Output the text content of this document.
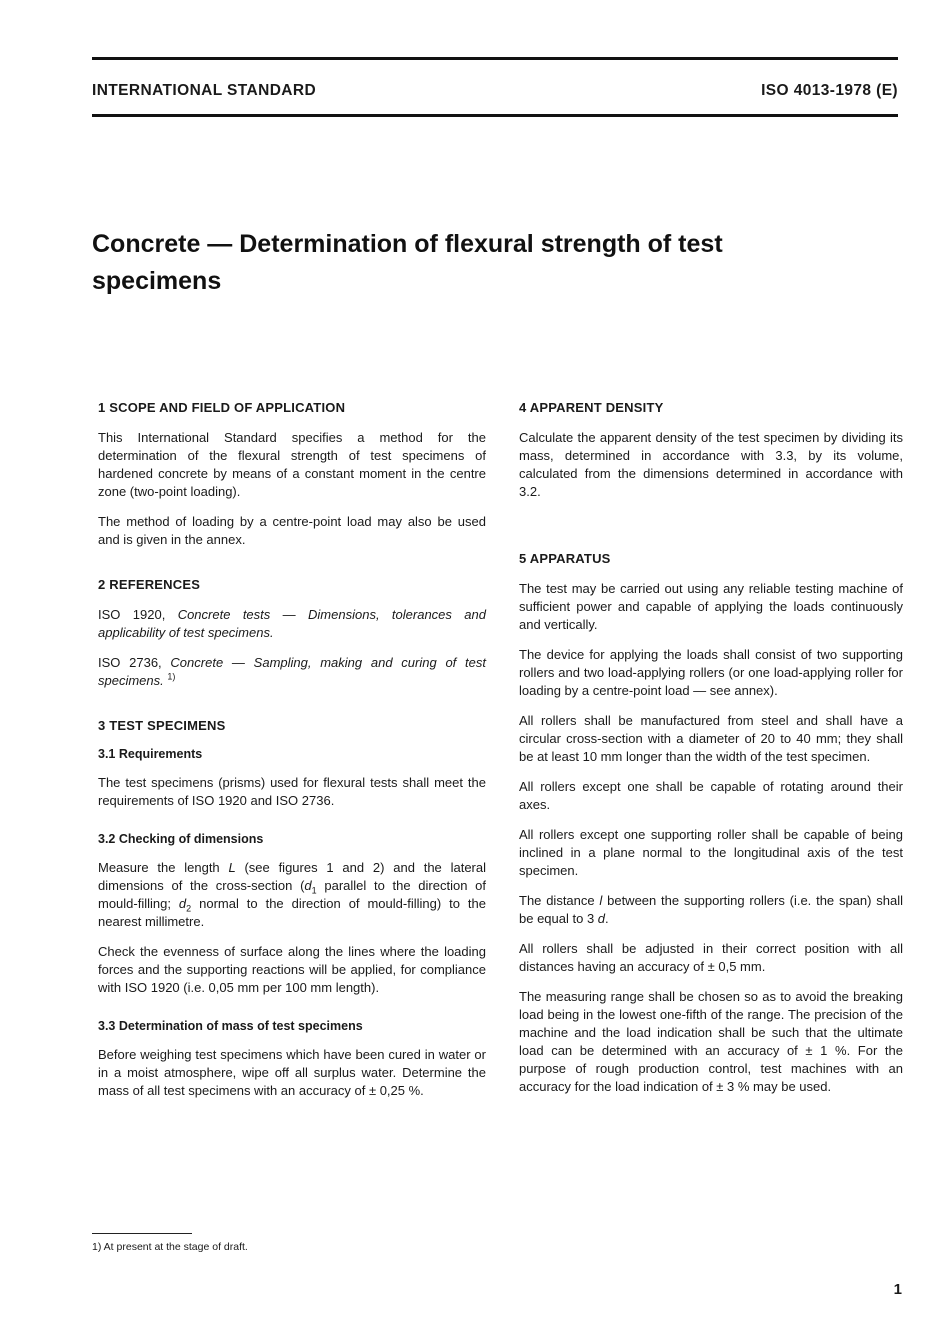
INTERNATIONAL STANDARD	ISO 4013-1978 (E)
Concrete — Determination of flexural strength of test specimens
1 SCOPE AND FIELD OF APPLICATION

This International Standard specifies a method for the determination of the flexural strength of test specimens of hardened concrete by means of a constant moment in the centre zone (two-point loading).

The method of loading by a centre-point load may also be used and is given in the annex.

2 REFERENCES

ISO 1920, Concrete tests — Dimensions, tolerances and applicability of test specimens.

ISO 2736, Concrete — Sampling, making and curing of test specimens. $^{1)}$

3 TEST SPECIMENS
3.1 Requirements

The test specimens (prisms) used for flexural tests shall meet the requirements of ISO 1920 and ISO 2736.

3.2 Checking of dimensions

Measure the length L (see figures 1 and 2) and the lateral dimensions of the cross-section ($d_1$ parallel to the direction of mould-filling; $d_2$ normal to the direction of mould-filling) to the nearest millimetre.

Check the evenness of surface along the lines where the loading forces and the supporting reactions will be applied, for compliance with ISO 1920 (i.e. 0,05 mm per 100 mm length).

3.3 Determination of mass of test specimens

Before weighing test specimens which have been cured in water or in a moist atmosphere, wipe off all surplus water. Determine the mass of all test specimens with an accuracy of ± 0,25 %.

4 APPARENT DENSITY

Calculate the apparent density of the test specimen by dividing its mass, determined in accordance with 3.3, by its volume, calculated from the dimensions determined in accordance with 3.2.

5 APPARATUS

The test may be carried out using any reliable testing machine of sufficient power and capable of applying the loads continuously and vertically.

The device for applying the loads shall consist of two supporting rollers and two load-applying rollers (or one load-applying roller for loading by a centre-point load — see annex).

All rollers shall be manufactured from steel and shall have a circular cross-section with a diameter of 20 to 40 mm; they shall be at least 10 mm longer than the width of the test specimen.

All rollers except one shall be capable of rotating around their axes.

All rollers except one supporting roller shall be capable of being inclined in a plane normal to the longitudinal axis of the test specimen.

The distance l between the supporting rollers (i.e. the span) shall be equal to 3 d.

All rollers shall be adjusted in their correct position with all distances having an accuracy of ± 0,5 mm.

The measuring range shall be chosen so as to avoid the breaking load being in the lowest one-fifth of the range. The precision of the machine and the load indication shall be such that the ultimate load can be determined with an accuracy of ± 1 %. For the purpose of rough production control, test machines with an accuracy for the load indication of ± 3 % may be used.

1) At present at the stage of draft.

1
